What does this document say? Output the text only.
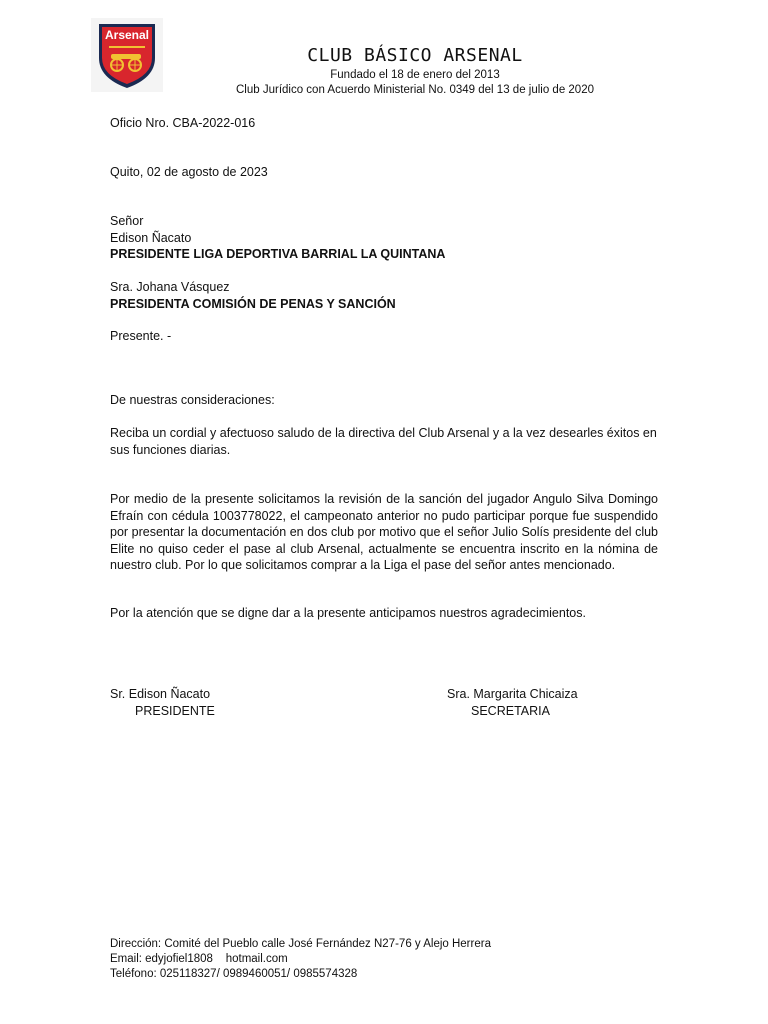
Arsenal

CLUB BÁSICO ARSENAL

Fundado el 18 de enero del 2013

Club Jurídico con Acuerdo Ministerial No. 0349 del 13 de julio de 2020

Oficio Nro. CBA-2022-016
Quito, 02 de agosto de 2023
Señor
Edison Ñacato
PRESIDENTE LIGA DEPORTIVA BARRIAL LA QUINTANA
Sra. Johana Vásquez
PRESIDENTA COMISIÓN DE PENAS Y SANCIÓN
Presente. -
De nuestras consideraciones:
Reciba un cordial y afectuoso saludo de la directiva del Club Arsenal y a la vez desearles éxitos en sus funciones diarias.
Por medio de la presente solicitamos la revisión de la sanción del jugador Angulo Silva Domingo Efraín con cédula 1003778022, el campeonato anterior no pudo participar porque fue suspendido por presentar la documentación en dos club por motivo que el señor Julio Solís presidente del club Elite no quiso ceder el pase al club Arsenal, actualmente se encuentra inscrito en la nómina de nuestro club. Por lo que solicitamos comprar a la Liga el pase del señor antes mencionado.
Por la atención que se digne dar a la presente anticipamos nuestros agradecimientos.
Sr. Edison Ñacato
PRESIDENTE
Sra. Margarita Chicaiza
SECRETARIA
Dirección: Comité del Pueblo calle José Fernández N27-76 y Alejo Herrera
Email: edyjofiel1808    hotmail.com
Teléfono: 025118327/ 0989460051/ 0985574328
